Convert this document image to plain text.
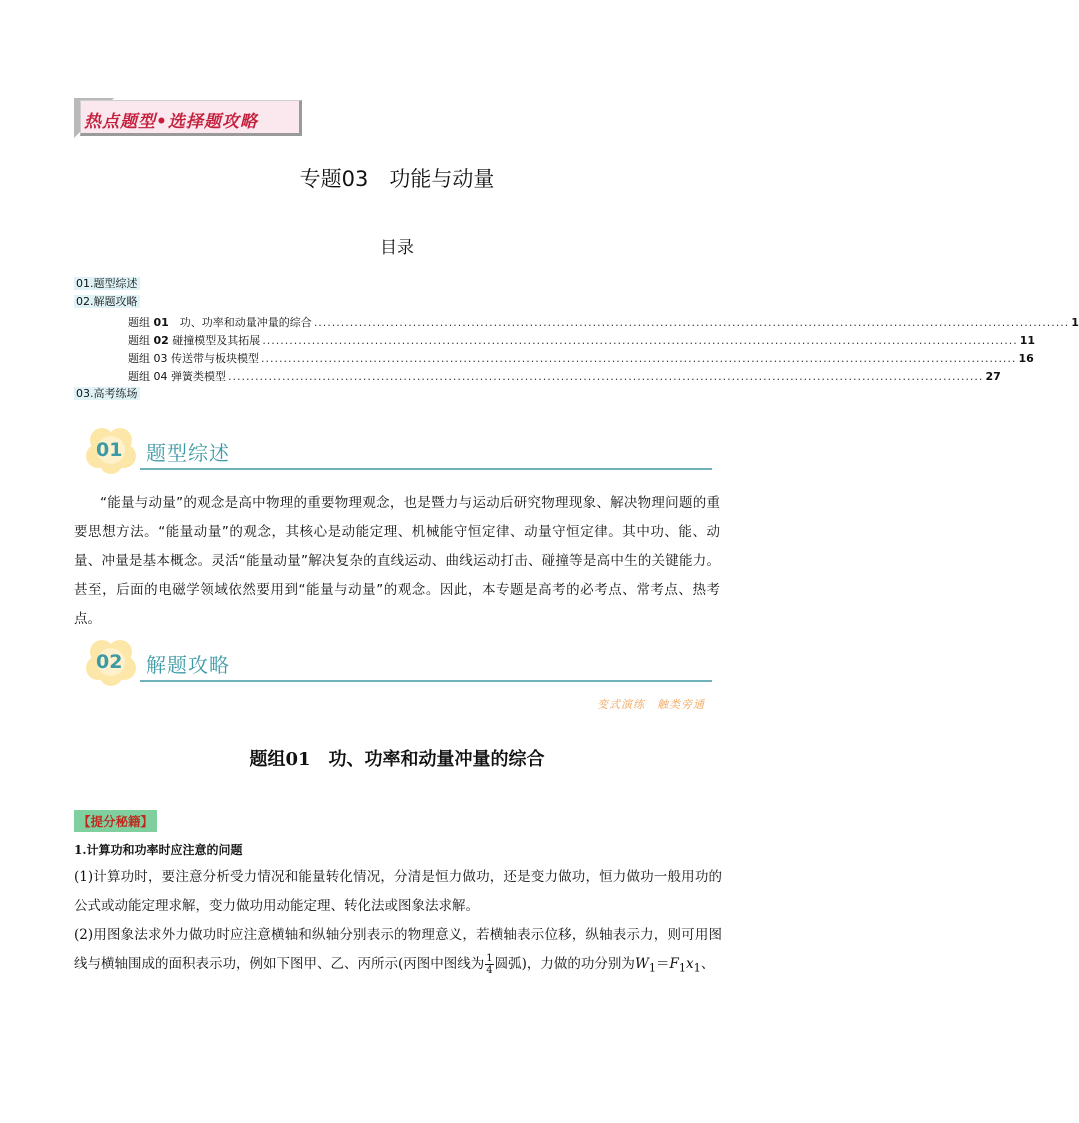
热点题型•选择题攻略
专题03　功能与动量
目录
01.题型综述
02.解题攻略
题组 01　功、功率和动量冲量的综合 ........................................................................................................................................................................ 1
题组 02 碰撞模型及其拓展 ........................................................................................................................................................................ 11
题组 03 传送带与板块模型 ........................................................................................................................................................................ 16
题组 04 弹簧类模型 ........................................................................................................................................................................ 27
03.高考练场
01 题型综述
“能量与动量”的观念是高中物理的重要物理观念，也是暨力与运动后研究物理现象、解决物理问题的重要思想方法。“能量动量”的观念，其核心是动能定理、机械能守恒定律、动量守恒定律。其中功、能、动量、冲量是基本概念。灵活“能量动量”解决复杂的直线运动、曲线运动打击、碰撞等是高中生的关键能力。甚至，后面的电磁学领域依然要用到“能量与动量”的观念。因此，本专题是高考的必考点、常考点、热考点。
02 解题攻略
变式演练　触类旁通
题组01　功、功率和动量冲量的综合
【提分秘籍】
1.计算功和功率时应注意的问题
(1)计算功时，要注意分析受力情况和能量转化情况，分清是恒力做功，还是变力做功，恒力做功一般用功的公式或动能定理求解，变力做功用动能定理、转化法或图象法求解。
(2)用图象法求外力做功时应注意横轴和纵轴分别表示的物理意义，若横轴表示位移，纵轴表示力，则可用图线与横轴围成的面积表示功，例如下图甲、乙、丙所示(丙图中图线为 $\frac{1}{4}$ 圆弧)，力做的功分别为$W_1=F_1x_1$、
